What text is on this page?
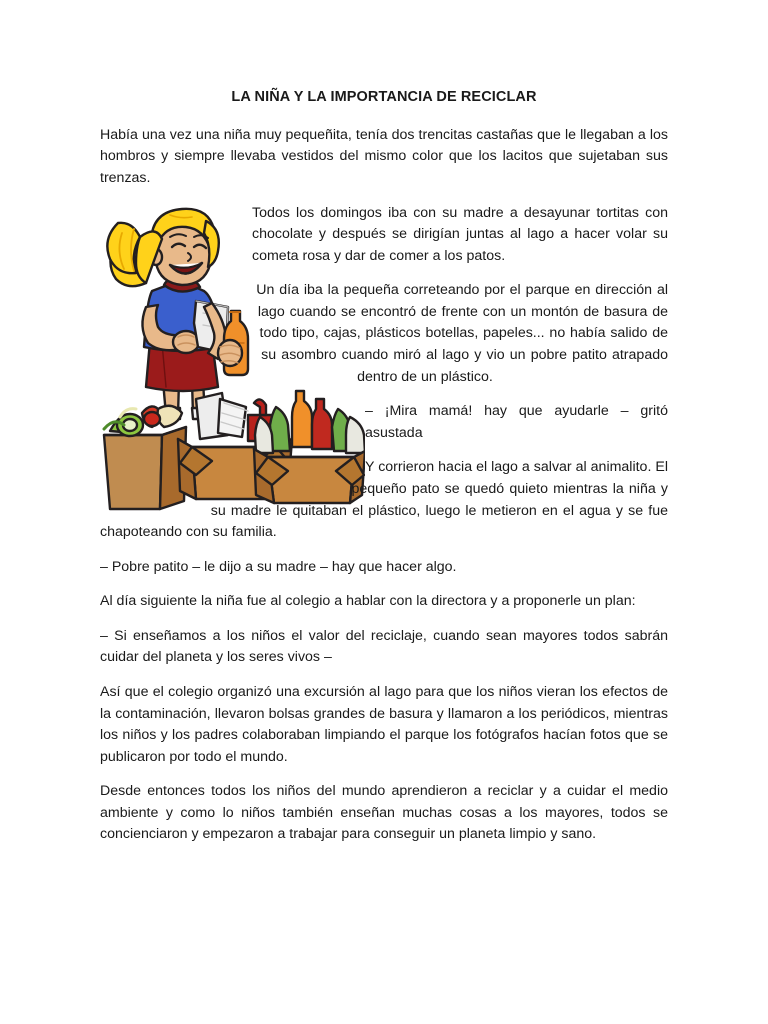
LA NIÑA Y LA IMPORTANCIA DE RECICLAR

Había una vez una niña muy pequeñita, tenía dos trencitas castañas que le llegaban a los hombros y siempre llevaba vestidos del mismo color que los lacitos que sujetaban sus trenzas.

Todos los domingos iba con su madre a desayunar tortitas con chocolate y después se dirigían juntas al lago a hacer volar su cometa rosa y dar de comer a los patos.

Un día iba la pequeña correteando por el parque en dirección al lago cuando se encontró de frente con un montón de basura de todo tipo, cajas, plásticos botellas, papeles... no había salido de su asombro cuando miró al lago y vio un pobre patito atrapado dentro de un plástico.

– ¡Mira mamá! hay que ayudarle – gritó asustada

Y corrieron hacia el lago a salvar al animalito. El pequeño pato se quedó quieto mientras la niña y su madre le quitaban el plástico, luego le metieron en el agua y se fue chapoteando con su familia.

– Pobre patito – le dijo a su madre – hay que hacer algo.

Al día siguiente la niña fue al colegio a hablar con la directora y a proponerle un plan:

– Si enseñamos a los niños el valor del reciclaje, cuando sean mayores todos sabrán cuidar del planeta y los seres vivos –

Así que el colegio organizó una excursión al lago para que los niños vieran los efectos de la contaminación, llevaron bolsas grandes de basura y llamaron a los periódicos, mientras los niños y los padres colaboraban limpiando el parque los fotógrafos hacían fotos que se publicaron por todo el mundo.

Desde entonces todos los niños del mundo aprendieron a reciclar y a cuidar el medio ambiente y como lo niños también enseñan muchas cosas a los mayores, todos se concienciaron y empezaron a trabajar para conseguir un planeta limpio y sano.
